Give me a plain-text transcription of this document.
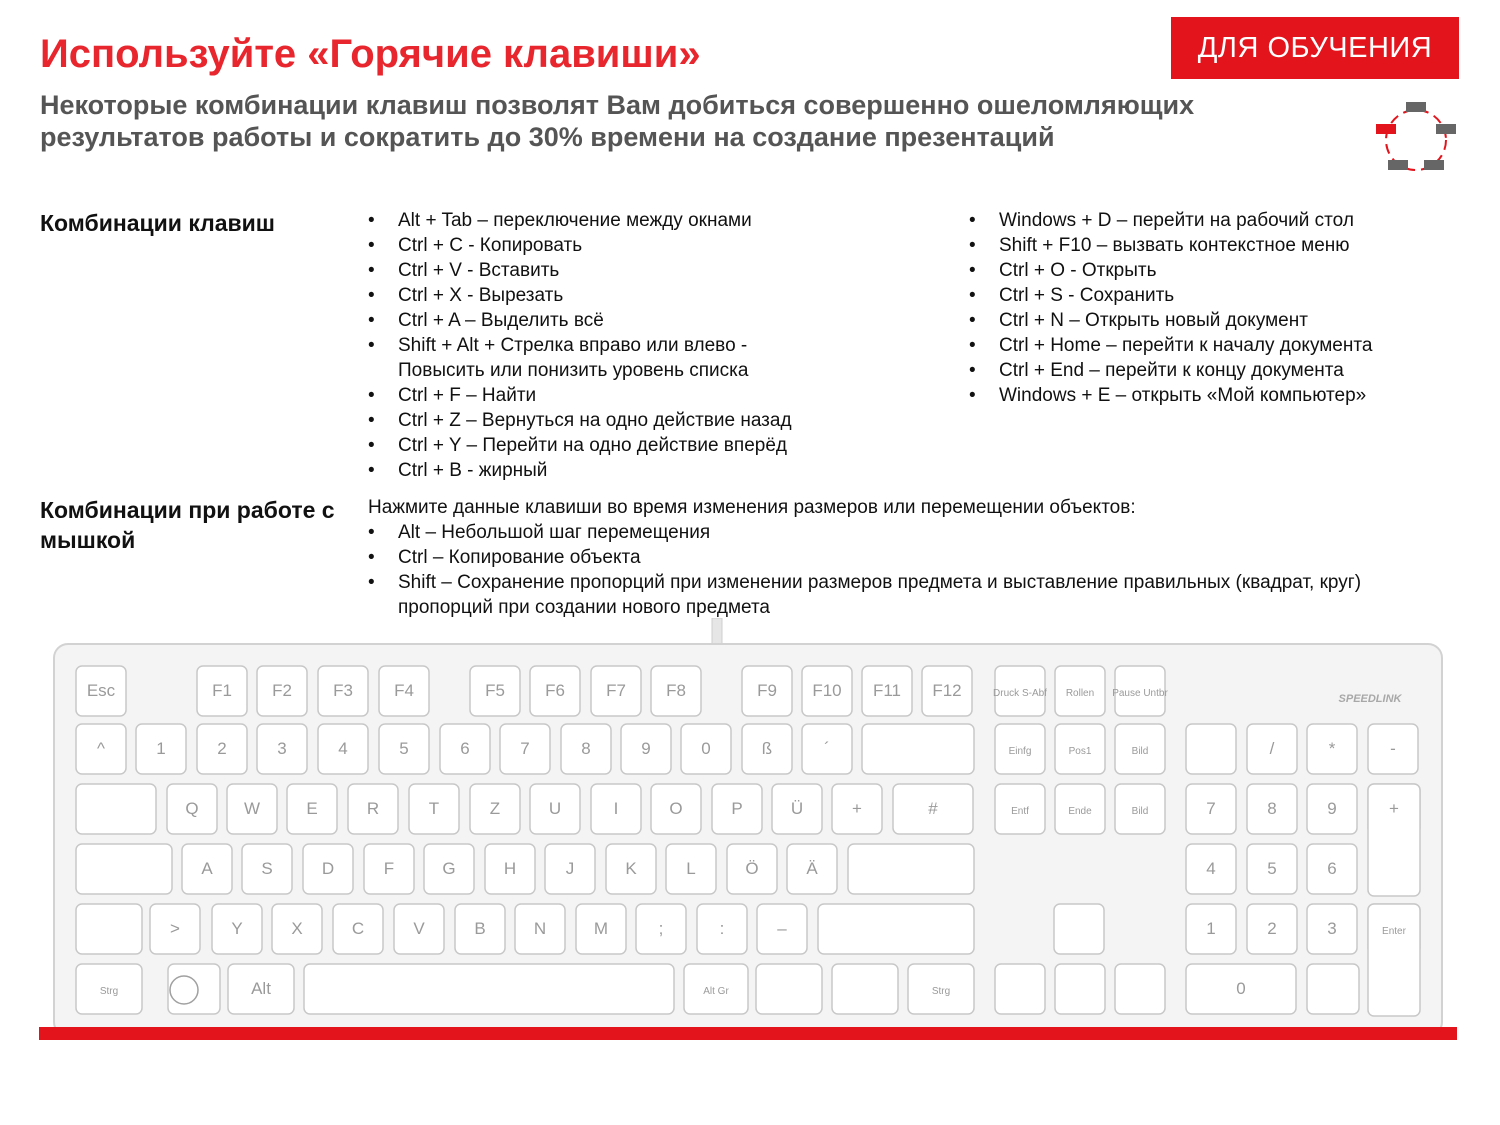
Используйте «Горячие клавиши»
Некоторые комбинации клавиш позволят Вам добиться совершенно ошеломляющих результатов работы и сократить до 30% времени на создание презентаций
ДЛЯ ОБУЧЕНИЯ
Комбинации клавиш
•	Alt + Tab – переключение между окнами
• Ctrl + C - Копировать
• Ctrl + V - Вставить
• Ctrl + X - Вырезать
• Ctrl + A – Выделить всё
• Shift + Alt + Стрелка вправо или влево - Повысить или понизить уровень списка
• Ctrl + F – Найти
• Ctrl + Z – Вернуться на одно действие назад
• Ctrl + Y – Перейти на одно действие вперёд
• Ctrl + B - жирный
• Windows + D – перейти на рабочий стол
• Shift + F10 – вызвать контекстное меню
• Ctrl + O - Открыть
• Ctrl + S - Сохранить
• Ctrl + N – Открыть новый документ
• Ctrl + Home – перейти к началу документа
• Ctrl + End – перейти к концу документа
• Windows + E – открыть «Мой компьютер»
Комбинации при работе с мышкой
Нажмите данные клавиши во время изменения размеров или перемещении объектов:
• Alt – Небольшой шаг перемещения
• Ctrl – Копирование объекта
• Shift – Сохранение пропорций при изменении размеров предмета и выставление правильных (квадрат, круг) пропорций при создании нового предмета
Esc	F1 F2 F3 F4	F5 F6 F7 F8	F9 F10 F11 F12	Druck S-Abf Rollen Pause Untbr
^	1	2	3	4	5	6	7	8	9	0	ß	´	Einfg	Pos1	Bild	/	*	-
Q	W	E	R	T	Z	U	I	O	P	Ü	+	#	Entf	Ende	Bild	7	8	9	+
A	S	D	F	G	H	J	K	L	Ö	Ä	4	5	6
>	Y	X	C	V	B	N	M	;	:	–	1	2	3	Enter
Strg	Alt	Alt Gr	Strg	0
SPEEDLINK
